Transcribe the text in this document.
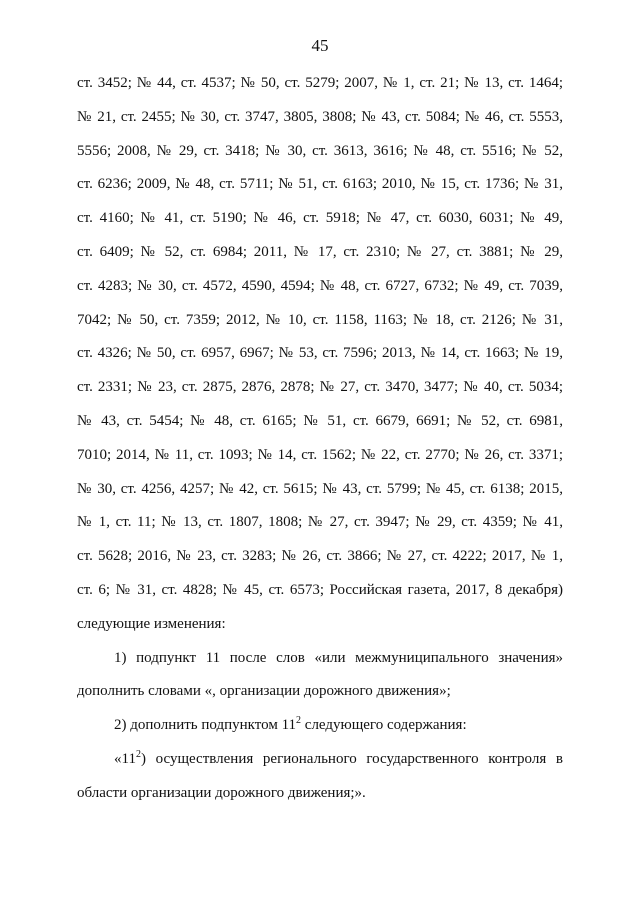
45
ст. 3452; № 44, ст. 4537; № 50, ст. 5279; 2007, № 1, ст. 21; № 13, ст. 1464;
№ 21, ст. 2455; № 30, ст. 3747, 3805, 3808; № 43, ст. 5084; № 46, ст. 5553,
5556; 2008, № 29, ст. 3418; № 30, ст. 3613, 3616; № 48, ст. 5516; № 52,
ст. 6236; 2009, № 48, ст. 5711; № 51, ст. 6163; 2010, № 15, ст. 1736; № 31,
ст. 4160; № 41, ст. 5190; № 46, ст. 5918; № 47, ст. 6030, 6031; № 49,
ст. 6409; № 52, ст. 6984; 2011, № 17, ст. 2310; № 27, ст. 3881; № 29,
ст. 4283; № 30, ст. 4572, 4590, 4594; № 48, ст. 6727, 6732; № 49, ст. 7039,
7042; № 50, ст. 7359; 2012, № 10, ст. 1158, 1163; № 18, ст. 2126; № 31,
ст. 4326; № 50, ст. 6957, 6967; № 53, ст. 7596; 2013, № 14, ст. 1663; № 19,
ст. 2331; № 23, ст. 2875, 2876, 2878; № 27, ст. 3470, 3477; № 40, ст. 5034;
№ 43, ст. 5454; № 48, ст. 6165; № 51, ст. 6679, 6691; № 52, ст. 6981,
7010; 2014, № 11, ст. 1093; № 14, ст. 1562; № 22, ст. 2770; № 26, ст. 3371;
№ 30, ст. 4256, 4257; № 42, ст. 5615; № 43, ст. 5799; № 45, ст. 6138; 2015,
№ 1, ст. 11; № 13, ст. 1807, 1808; № 27, ст. 3947; № 29, ст. 4359; № 41,
ст. 5628; 2016, № 23, ст. 3283; № 26, ст. 3866; № 27, ст. 4222; 2017, № 1,
ст. 6; № 31, ст. 4828; № 45, ст. 6573; Российская газета, 2017, 8 декабря)
следующие изменения:
1) подпункт 11 после слов «или межмуниципального значения»
дополнить словами «, организации дорожного движения»;
2) дополнить подпунктом $11^2$ следующего содержания:
«$11^2$) осуществления регионального государственного контроля в
области организации дорожного движения;».
